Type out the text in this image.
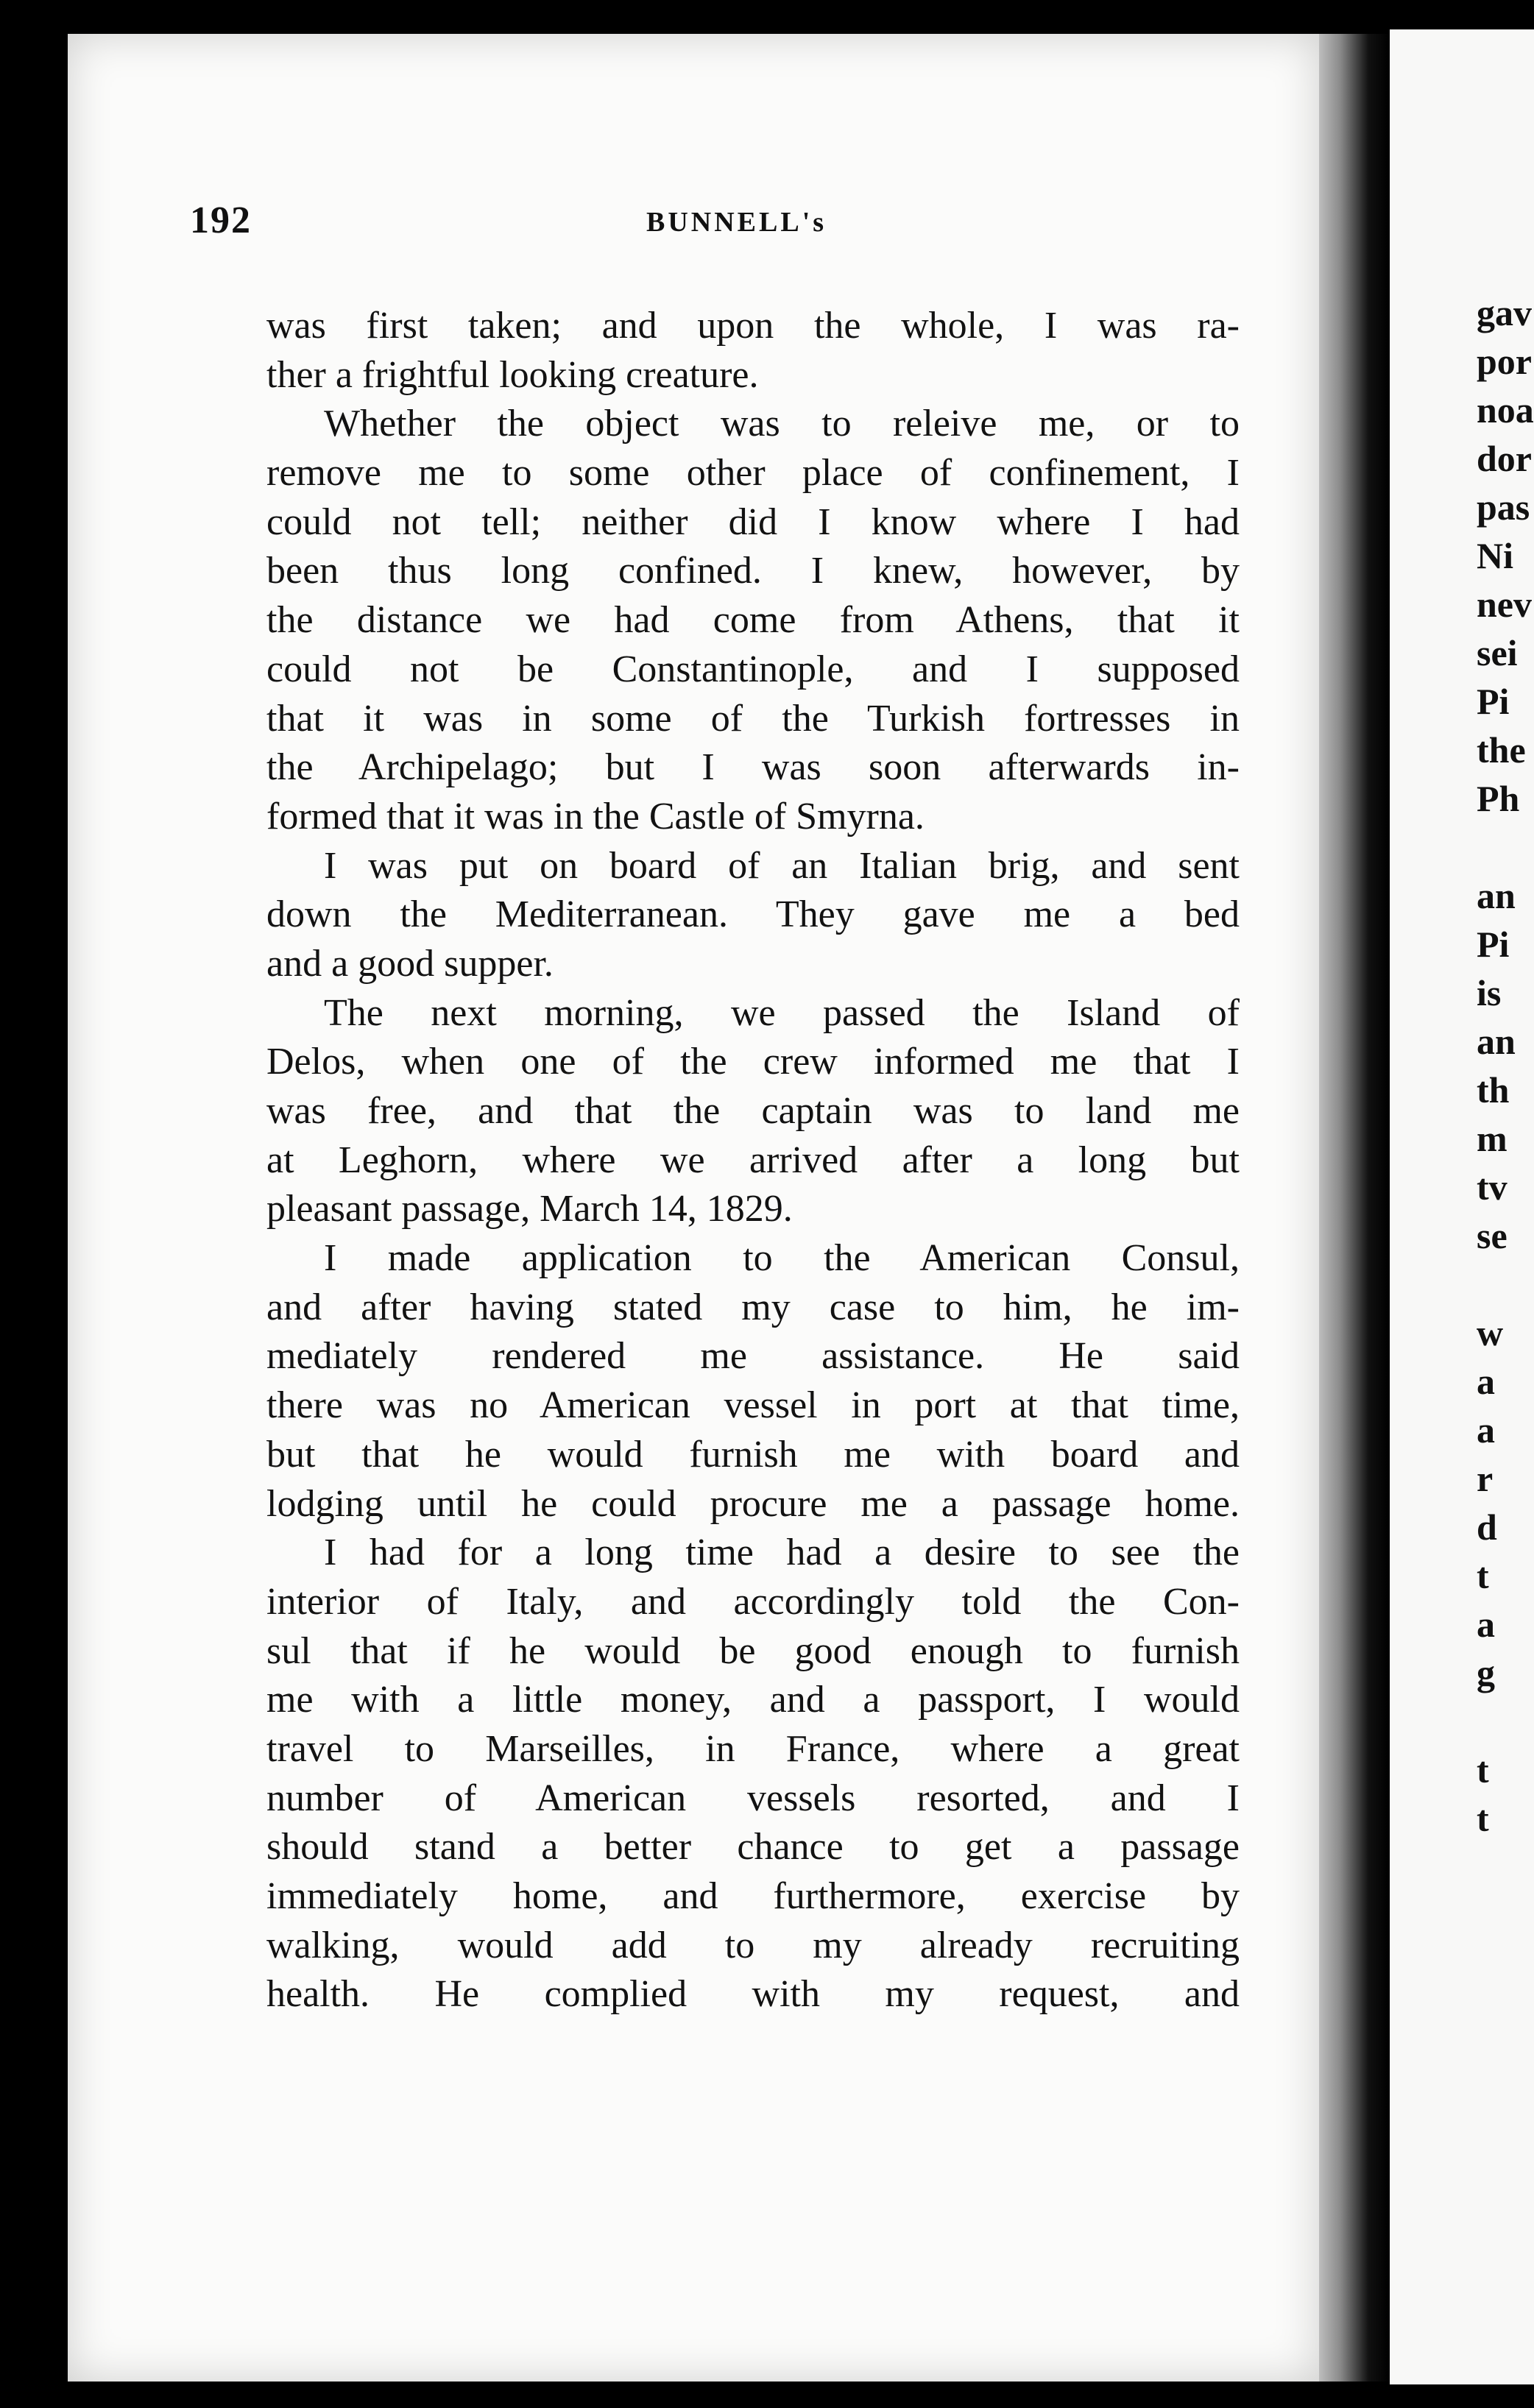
192	BUNNELL's
was first taken; and upon the whole, I was ra-
ther a frightful looking creature.
Whether the object was to releive me, or to
remove me to some other place of confinement, I
could not tell; neither did I know where I had
been thus long confined. I knew, however, by
the distance we had come from Athens, that it
could not be Constantinople, and I supposed
that it was in some of the Turkish fortresses in
the Archipelago; but I was soon afterwards in-
formed that it was in the Castle of Smyrna.
I was put on board of an Italian brig, and sent
down the Mediterranean. They gave me a bed
and a good supper.
The next morning, we passed the Island of
Delos, when one of the crew informed me that I
was free, and that the captain was to land me
at Leghorn, where we arrived after a long but
pleasant passage, March 14, 1829.
I made application to the American Consul,
and after having stated my case to him, he im-
mediately rendered me assistance. He said
there was no American vessel in port at that time,
but that he would furnish me with board and
lodging until he could procure me a passage home.
I had for a long time had a desire to see the
interior of Italy, and accordingly told the Con-
sul that if he would be good enough to furnish
me with a little money, and a passport, I would
travel to Marseilles, in France, where a great
number of American vessels resorted, and I
should stand a better chance to get a passage
immediately home, and furthermore, exercise by
walking, would add to my already recruiting
health. He complied with my request, and
gav
por
noa
dor
pas
Ni
nev
sei
Pi
the
Ph
an
Pi
is
an
th
m
tv
se
w
a
a
r
d
t
a
g
t
t
